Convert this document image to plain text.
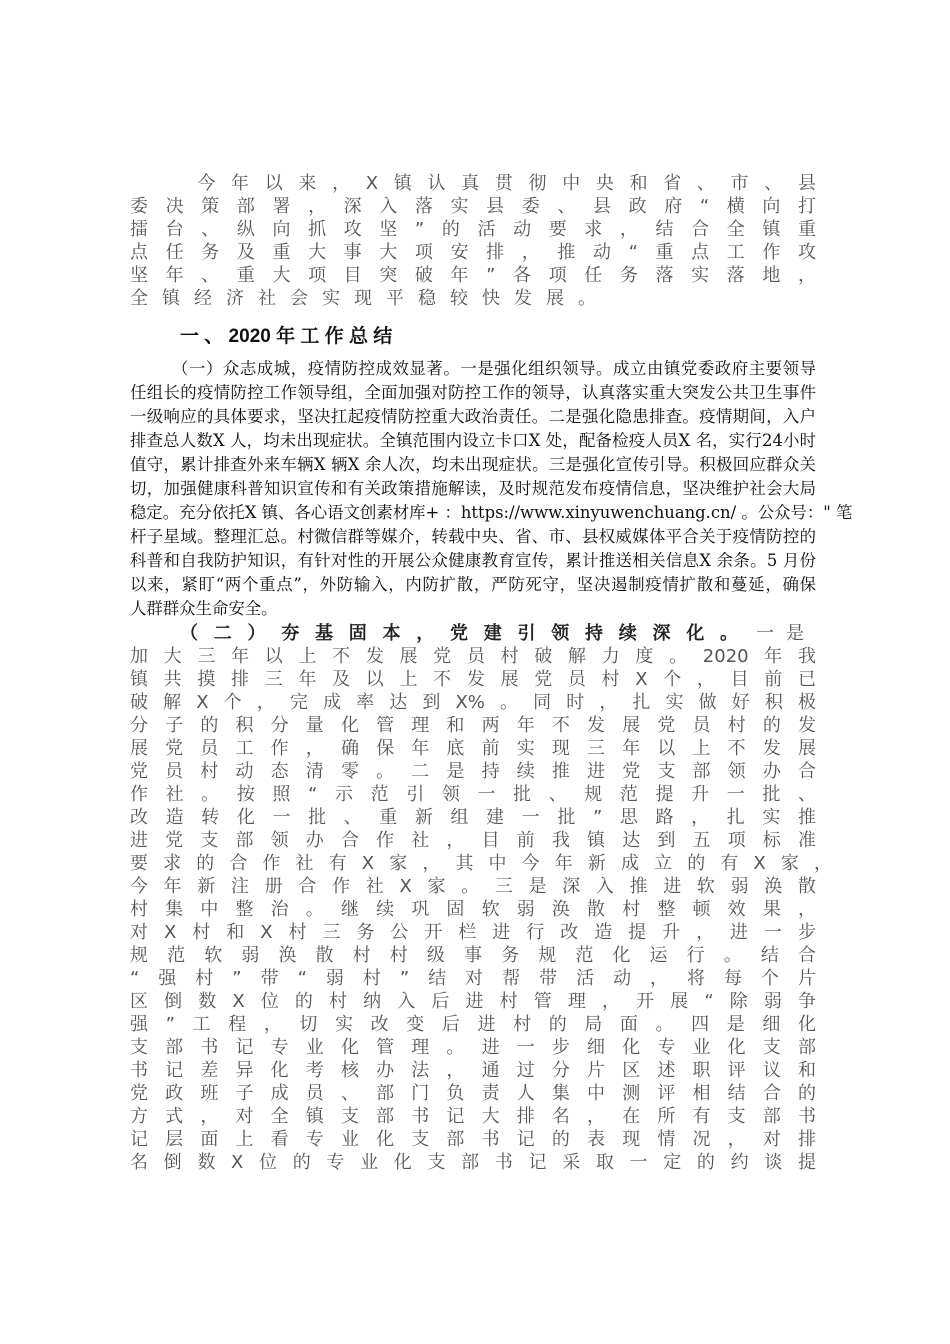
　　今年以来，X镇认真贯彻中央和省、市、县

委决策部署，深入落实县委、县政府“横向打

擂台、纵向抓攻坚”的活动要求，结合全镇重

点任务及重大事大项安排，推动“重点工作攻

坚年、重大项目突破年”各项任务落实落地，

全镇经济社会实现平稳较快发展。

一 、 2020 年 工 作 总 结

（一）众志成城，疫情防控成效显著。一是强化组织领导。成立由镇党委政府主要领导

任组长的疫情防控工作领导组，全面加强对防控工作的领导，认真落实重大突发公共卫生事件

一级响应的具体要求，坚决扛起疫情防控重大政治责任。二是强化隐患排查。疫情期间，入户

排查总人数X 人，均未出现症状。全镇范围内设立卡口X 处，配备检疫人员X 名，实行24小时

值守，累计排查外来车辆X 辆X 余人次，均未出现症状。三是强化宣传引导。积极回应群众关

切，加强健康科普知识宣传和有关政策措施解读，及时规范发布疫情信息，坚决维护社会大局

稳定。充分依托X 镇、各心语文创素材库+ ：https://www.xinyuwenchuang.cn/ 。公众号：" 笔

杆子星域。整理汇总。村微信群等媒介，转载中央、省、市、县权威媒体平合关于疫情防控的

科普和自我防护知识，有针对性的开展公众健康教育宣传，累计推送相关信息X 余条。5 月份

以来，紧盯“两个重点”，外防输入，内防扩散，严防死守，坚决遏制疫情扩散和蔓延，确保

人群群众生命安全。

（二）夯基固本，党建引领持续深化。 一是

加大三年以上不发展党员村破解力度。2020年我

镇共摸排三年及以上不发展党员村X个，目前已

破解X个，完成率达到X%。同时，扎实做好积极

分子的积分量化管理和两年不发展党员村的发

展党员工作，确保年底前实现三年以上不发展

党员村动态清零。二是持续推进党支部领办合

作社。按照“示范引领一批、规范提升一批、

改造转化一批、重新组建一批”思路，扎实推

进党支部领办合作社，目前我镇达到五项标准

要求的合作社有X家，其中今年新成立的有X家，

今年新注册合作社X家。三是深入推进软弱涣散

村集中整治。继续巩固软弱涣散村整顿效果，

对X村和X村三务公开栏进行改造提升，进一步

规范软弱涣散村村级事务规范化运行。结合

“强村”带“弱村”结对帮带活动，将每个片

区倒数X位的村纳入后进村管理，开展“除弱争

强”工程，切实改变后进村的局面。四是细化

支部书记专业化管理。进一步细化专业化支部

书记差异化考核办法，通过分片区述职评议和

党政班子成员、部门负责人集中测评相结合的

方式，对全镇支部书记大排名，在所有支部书

记层面上看专业化支部书记的表现情况，对排

名倒数X位的专业化支部书记采取一定的约谈提
